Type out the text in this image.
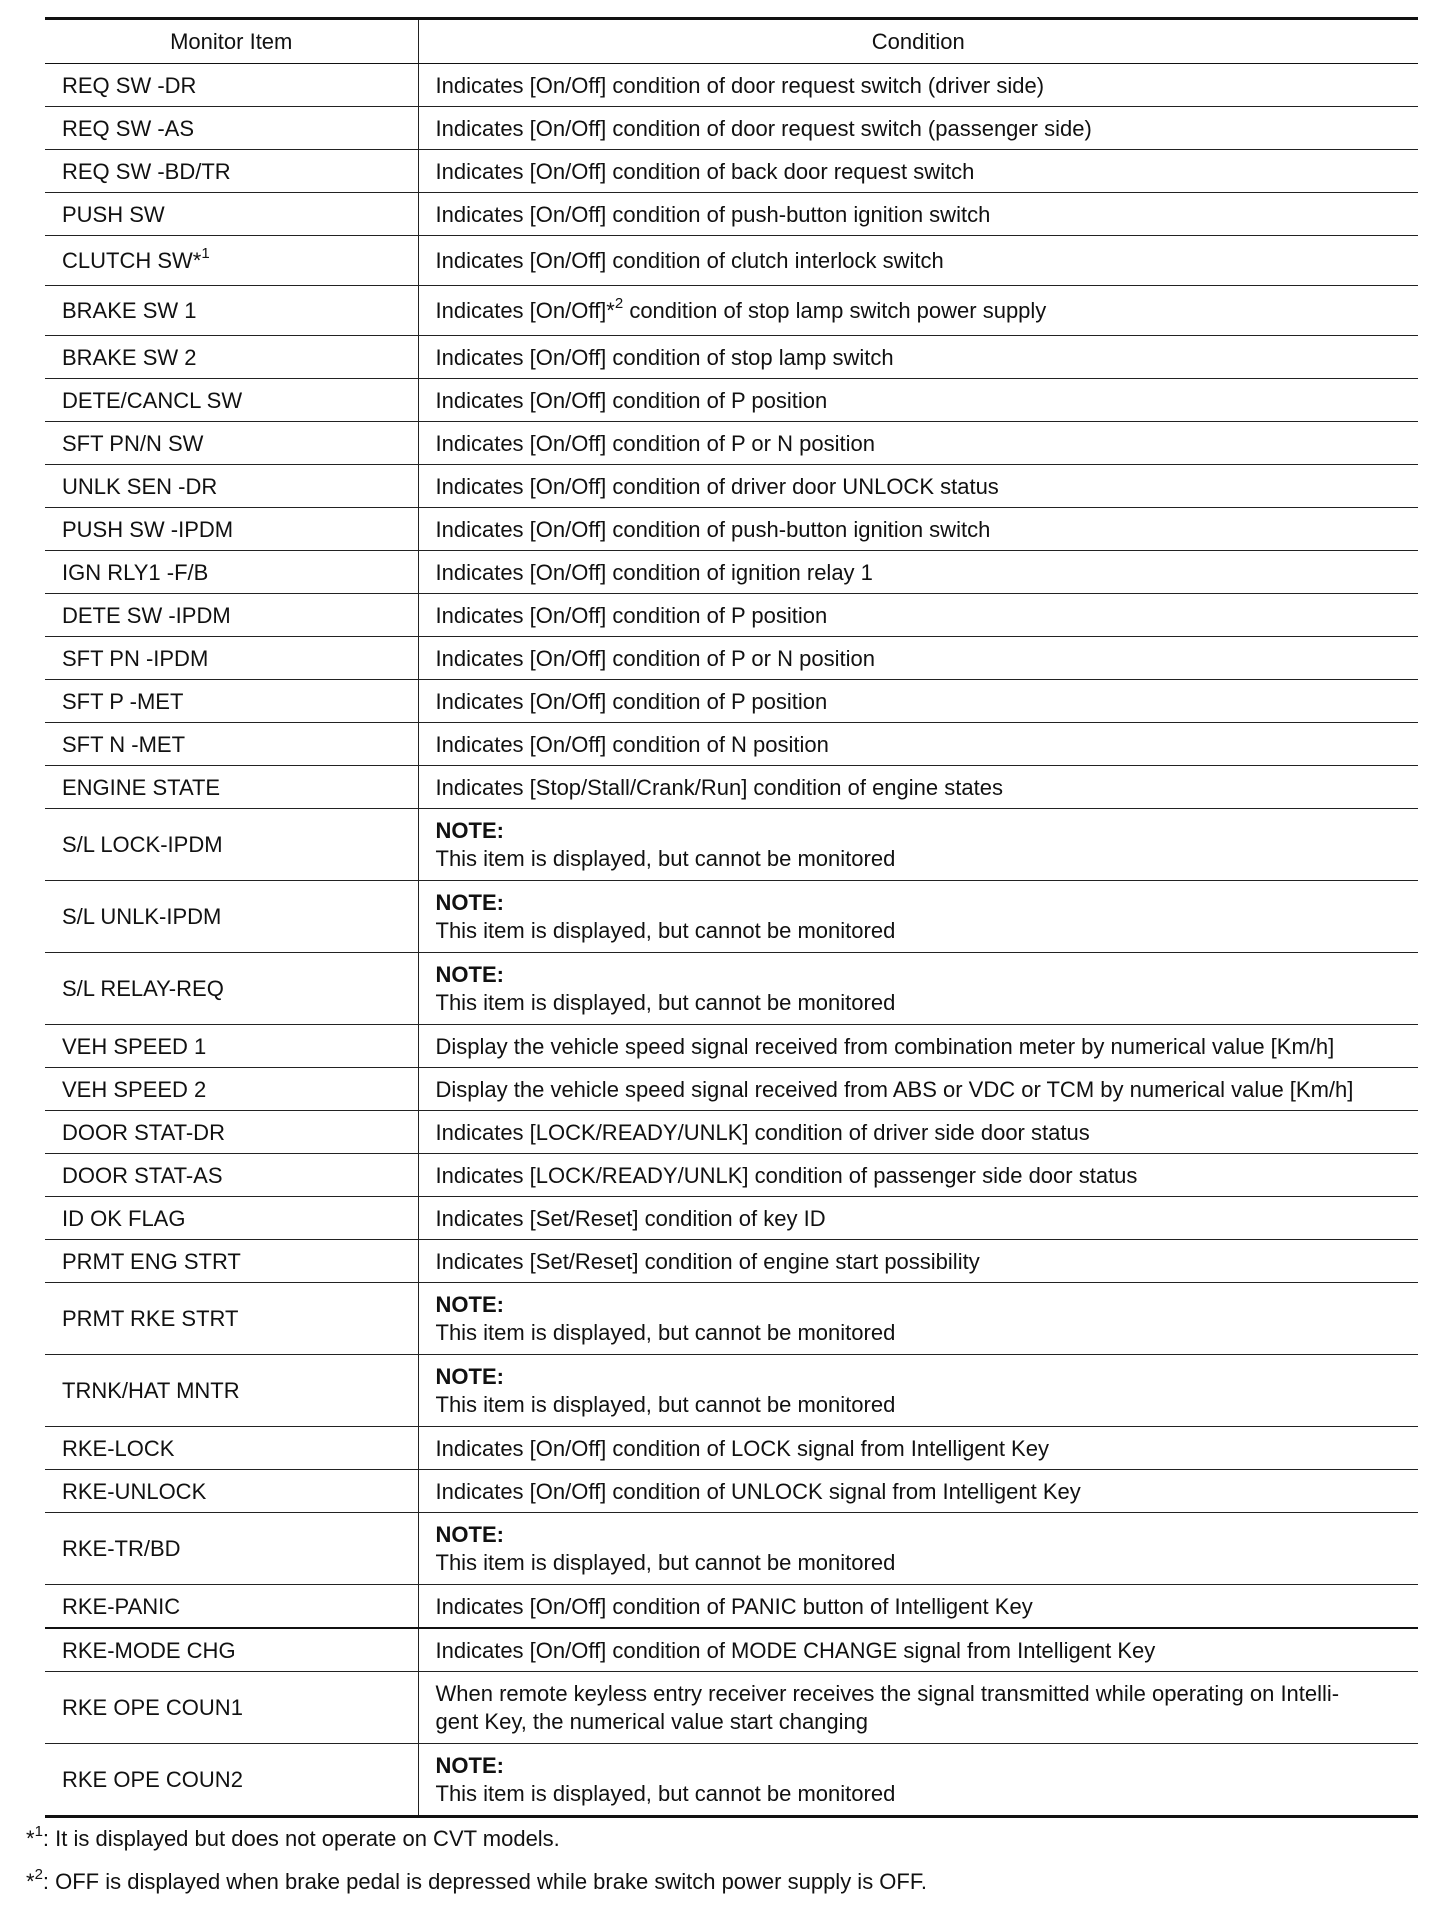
Monitor Item	Condition
REQ SW -DR	Indicates [On/Off] condition of door request switch (driver side)
REQ SW -AS	Indicates [On/Off] condition of door request switch (passenger side)
REQ SW -BD/TR	Indicates [On/Off] condition of back door request switch
PUSH SW	Indicates [On/Off] condition of push-button ignition switch
CLUTCH SW*$^1$	Indicates [On/Off] condition of clutch interlock switch
BRAKE SW 1	Indicates [On/Off]*$^2$ condition of stop lamp switch power supply
BRAKE SW 2	Indicates [On/Off] condition of stop lamp switch
DETE/CANCL SW	Indicates [On/Off] condition of P position
SFT PN/N SW	Indicates [On/Off] condition of P or N position
UNLK SEN -DR	Indicates [On/Off] condition of driver door UNLOCK status
PUSH SW -IPDM	Indicates [On/Off] condition of push-button ignition switch
IGN RLY1 -F/B	Indicates [On/Off] condition of ignition relay 1
DETE SW -IPDM	Indicates [On/Off] condition of P position
SFT PN -IPDM	Indicates [On/Off] condition of P or N position
SFT P -MET	Indicates [On/Off] condition of P position
SFT N -MET	Indicates [On/Off] condition of N position
ENGINE STATE	Indicates [Stop/Stall/Crank/Run] condition of engine states
S/L LOCK-IPDM	NOTE:
This item is displayed, but cannot be monitored

S/L UNLK-IPDM	NOTE:
This item is displayed, but cannot be monitored

S/L RELAY-REQ	NOTE:
This item is displayed, but cannot be monitored

VEH SPEED 1	Display the vehicle speed signal received from combination meter by numerical value [Km/h]
VEH SPEED 2	Display the vehicle speed signal received from ABS or VDC or TCM by numerical value [Km/h]
DOOR STAT-DR	Indicates [LOCK/READY/UNLK] condition of driver side door status
DOOR STAT-AS	Indicates [LOCK/READY/UNLK] condition of passenger side door status
ID OK FLAG	Indicates [Set/Reset] condition of key ID
PRMT ENG STRT	Indicates [Set/Reset] condition of engine start possibility
PRMT RKE STRT	NOTE:
This item is displayed, but cannot be monitored

TRNK/HAT MNTR	NOTE:
This item is displayed, but cannot be monitored

RKE-LOCK	Indicates [On/Off] condition of LOCK signal from Intelligent Key
RKE-UNLOCK	Indicates [On/Off] condition of UNLOCK signal from Intelligent Key
RKE-TR/BD	NOTE:
This item is displayed, but cannot be monitored

RKE-PANIC	Indicates [On/Off] condition of PANIC button of Intelligent Key
RKE-MODE CHG	Indicates [On/Off] condition of MODE CHANGE signal from Intelligent Key
RKE OPE COUN1	When remote keyless entry receiver receives the signal transmitted while operating on Intelli-
gent Key, the numerical value start changing

RKE OPE COUN2	NOTE:
This item is displayed, but cannot be monitored
*$^1$: It is displayed but does not operate on CVT models.
*$^2$: OFF is displayed when brake pedal is depressed while brake switch power supply is OFF.
